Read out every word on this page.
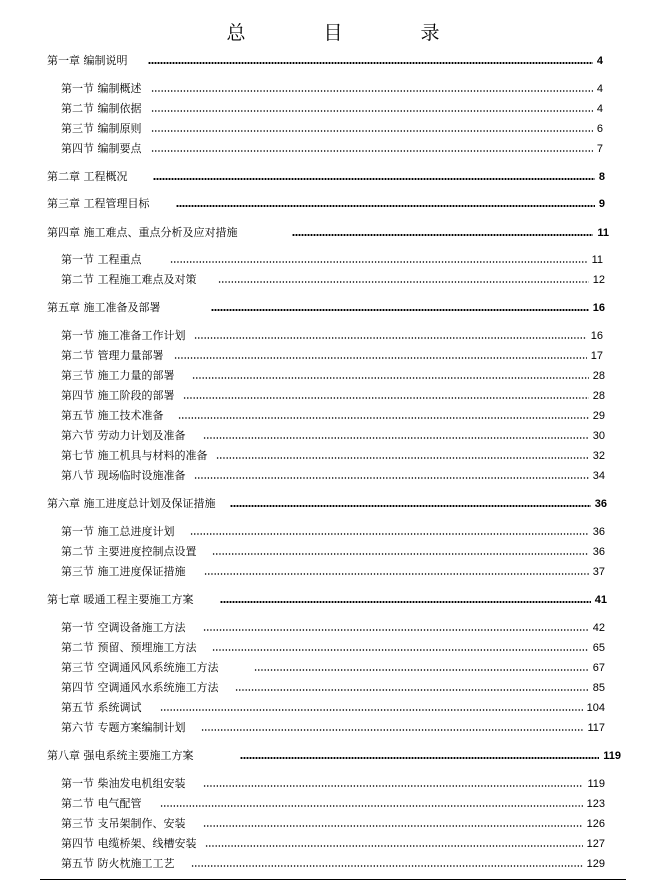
总 目 录
第一章 编制说明	4
第一节 编制概述	4
第二节 编制依据	4
第三节 编制原则	6
第四节 编制要点	7
第二章 工程概况	8
第三章 工程管理目标	9
第四章 施工难点、重点分析及应对措施	11
第一节 工程重点	11
第二节 工程施工难点及对策	12
第五章 施工准备及部署	16
第一节 施工准备工作计划	16
第二节 管理力量部署	17
第三节 施工力量的部署	28
第四节 施工阶段的部署	28
第五节 施工技术准备	29
第六节 劳动力计划及准备	30
第七节 施工机具与材料的准备	32
第八节 现场临时设施准备	34
第六章 施工进度总计划及保证措施	36
第一节 施工总进度计划	36
第二节 主要进度控制点设置	36
第三节 施工进度保证措施	37
第七章 暖通工程主要施工方案	41
第一节 空调设备施工方法	42
第二节 预留、预埋施工方法	65
第三节 空调通风风系统施工方法	67
第四节 空调通风水系统施工方法	85
第五节 系统调试	104
第六节 专题方案编制计划	117
第八章 强电系统主要施工方案	119
第一节 柴油发电机组安装	119
第二节 电气配管	123
第三节 支吊架制作、安装	126
第四节 电缆桥架、线槽安装	127
第五节 防火枕施工工艺	129
